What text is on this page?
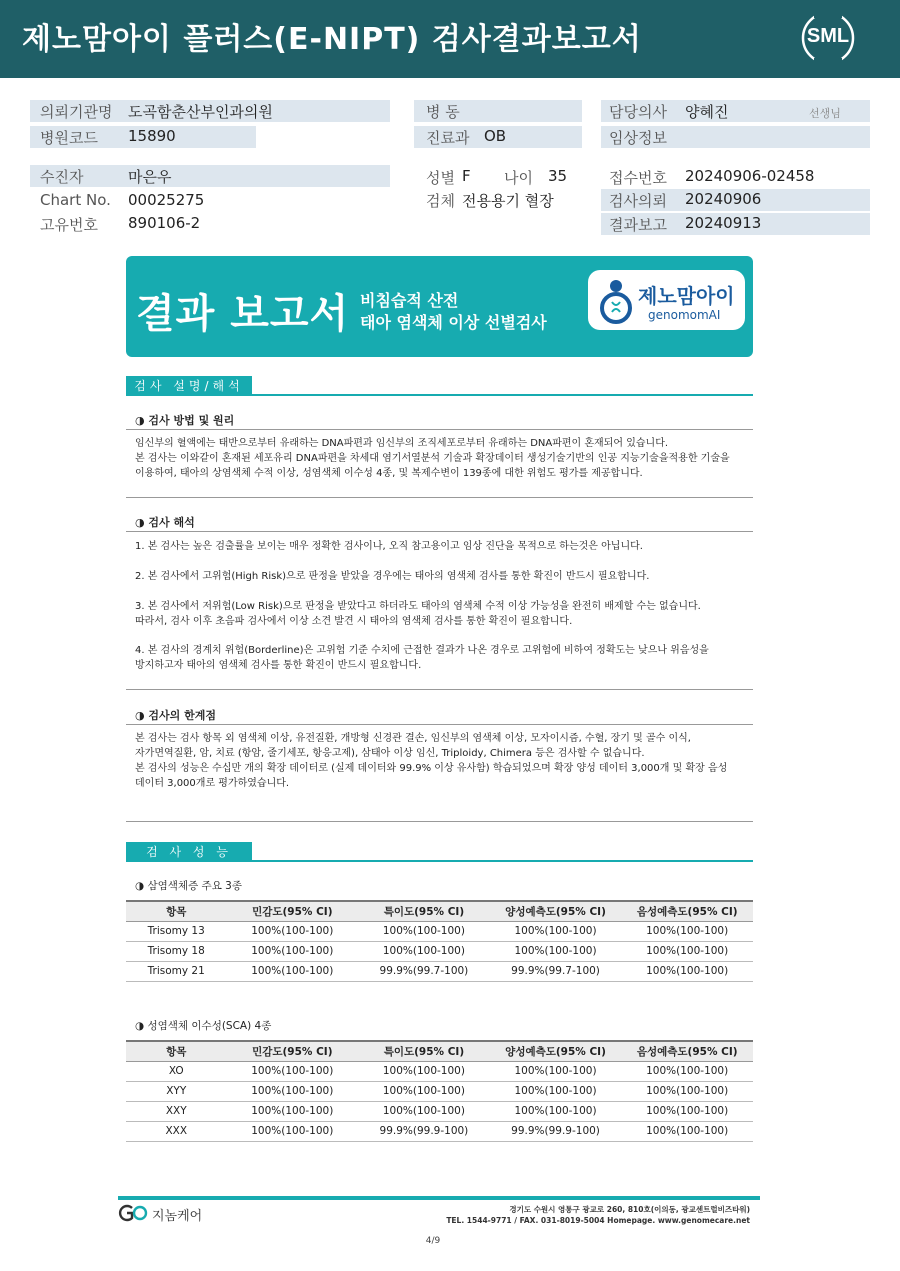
제노맘아이 플러스(E-NIPT) 검사결과보고서	SML
의뢰기관명 도곡함춘산부인과의원
병원코드 15890
병 동
진료과 OB
담당의사 양혜진	선생님
임상정보
수진자	마은우
Chart No. 00025275
고유번호 890106-2
성별 F 나이 35
검체 전용용기 혈장
접수번호 20240906-02458
검사의뢰 20240906
결과보고 20240913
결과 보고서 비침습적 산전
태아 염색체 이상 선별검사
제노맘아이
genomomAI
검사 설명/해석
◑ 검사 방법 및 원리
임신부의 혈액에는 태반으로부터 유래하는 DNA파편과 임신부의 조직세포로부터 유래하는 DNA파편이 혼재되어 있습니다.
본 검사는 이와같이 혼재된 세포유리 DNA파편을 차세대 염기서열분석 기술과 확장데이터 생성기술기반의 인공 지능기술을적용한 기술을
이용하여, 태아의 상염색체 수적 이상, 성염색체 이수성 4종, 및 복제수변이 139종에 대한 위험도 평가를 제공합니다.
◑ 검사 해석
1. 본 검사는 높은 검출률을 보이는 매우 정확한 검사이나, 오직 참고용이고 임상 진단을 목적으로 하는것은 아닙니다.
2. 본 검사에서 고위험(High Risk)으로 판정을 받았을 경우에는 태아의 염색체 검사를 통한 확진이 반드시 필요합니다.
3. 본 검사에서 저위험(Low Risk)으로 판정을 받았다고 하더라도 태아의 염색체 수적 이상 가능성을 완전히 배제할 수는 없습니다.
따라서, 검사 이후 초음파 검사에서 이상 소견 발견 시 태아의 염색체 검사를 통한 확진이 필요합니다.
4. 본 검사의 경계치 위험(Borderline)은 고위험 기준 수치에 근접한 결과가 나온 경우로 고위험에 비하여 정확도는 낮으나 위음성을
방지하고자 태아의 염색체 검사를 통한 확진이 반드시 필요합니다.
◑ 검사의 한계점
본 검사는 검사 항목 외 염색체 이상, 유전질환, 개방형 신경관 결손, 임신부의 염색체 이상, 모자이시즘, 수혈, 장기 및 골수 이식,
자가면역질환, 암, 치료 (항암, 줄기세포, 항응고제), 삼태아 이상 임신, Triploidy, Chimera 등은 검사할 수 없습니다.
본 검사의 성능은 수십만 개의 확장 데이터로 (실제 데이터와 99.9% 이상 유사함) 학습되었으며 확장 양성 데이터 3,000개 및 확장 음성
데이터 3,000개로 평가하였습니다.
검 사 성 능
◑ 삼염색체증 주요 3종
항목	민감도(95% CI)	특이도(95% CI)	양성예측도(95% CI)	음성예측도(95% CI)
Trisomy 13	100%(100-100)	100%(100-100)	100%(100-100)	100%(100-100)
Trisomy 18	100%(100-100)	100%(100-100)	100%(100-100)	100%(100-100)
Trisomy 21	100%(100-100)	99.9%(99.7-100)	99.9%(99.7-100)	100%(100-100)
◑ 성염색체 이수성(SCA) 4종
항목	민감도(95% CI)	특이도(95% CI)	양성예측도(95% CI)	음성예측도(95% CI)
XO	100%(100-100)	100%(100-100)	100%(100-100)	100%(100-100)
XYY	100%(100-100)	100%(100-100)	100%(100-100)	100%(100-100)
XXY	100%(100-100)	100%(100-100)	100%(100-100)	100%(100-100)
XXX	100%(100-100)	99.9%(99.9-100)	99.9%(99.9-100)	100%(100-100)
지놈케어	경기도 수원시 영통구 광교로 260, 810호(이의동, 광교센트럴비즈타워)
TEL. 1544-9771 / FAX. 031-8019-5004 Homepage. www.genomecare.net
4/9
